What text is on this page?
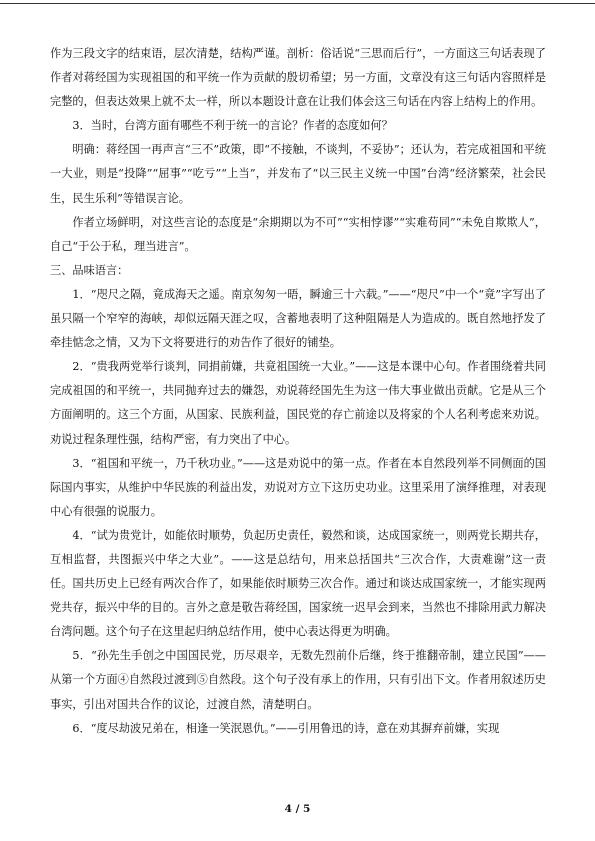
作为三段文字的结束语，层次清楚，结构严谨。剖析：俗话说“三思而后行”，一方面这三句话表现了作者对蒋经国为实现祖国的和平统一作为贡献的殷切希望；另一方面，文章没有这三句话内容照样是完整的，但表达效果上就不太一样，所以本题设计意在让我们体会这三句话在内容上结构上的作用。

3．当时，台湾方面有哪些不利于统一的言论？作者的态度如何？

明确：蒋经国一再声言“三不”政策，即“不接触，不谈判，不妥协”；还认为，若完成祖国和平统一大业，则是“投降”“屈事”“吃亏”“上当”，并发布了“以三民主义统一中国”台湾“经济繁荣，社会民生，民生乐利”等错误言论。

作者立场鲜明，对这些言论的态度是“余期期以为不可”“实相悖谬”“实难苟同”“未免自欺欺人”，自己“于公于私，理当进言”。

三、品味语言：

1．“咫尺之隔，竟成海天之遥。南京匆匆一晤，瞬逾三十六载。”——“咫尺”中一个“竟”字写出了虽只隔一个窄窄的海峡，却似远隔天涯之叹，含蓄地表明了这种阻隔是人为造成的。既自然地抒发了牵挂惦念之情，又为下文将要进行的劝告作了很好的铺垫。

2．“贵我两党举行谈判，同捐前嫌，共竟祖国统一大业。”——这是本课中心句。作者围绕着共同完成祖国的和平统一，共同抛弃过去的嫌怨，劝说蒋经国先生为这一伟大事业做出贡献。它是从三个方面阐明的。这三个方面，从国家、民族利益，国民党的存亡前途以及将家的个人名利考虑来劝说。劝说过程条理性强，结构严密，有力突出了中心。

3．“祖国和平统一，乃千秋功业。”——这是劝说中的第一点。作者在本自然段列举不同侧面的国际国内事实，从维护中华民族的利益出发，劝说对方立下这历史功业。这里采用了演绎推理，对表现中心有很强的说服力。

4．“试为贵党计，如能依时顺势，负起历史责任，毅然和谈，达成国家统一，则两党长期共存，互相监督，共图振兴中华之大业”。——这是总结句，用来总括国共“三次合作，大责难谢”这一责任。国共历史上已经有两次合作了，如果能依时顺势三次合作。通过和谈达成国家统一，才能实现两党共存，振兴中华的目的。言外之意是敬告蒋经国，国家统一迟早会到来，当然也不排除用武力解决台湾问题。这个句子在这里起归纳总结作用，使中心表达得更为明确。

5．“孙先生手创之中国国民党，历尽艰辛，无数先烈前仆后继，终于推翻帝制，建立民国”——从第一个方面④自然段过渡到⑤自然段。这个句子没有承上的作用，只有引出下文。作者用叙述历史事实，引出对国共合作的议论，过渡自然，清楚明白。

6．“度尽劫波兄弟在，相逢一笑泯恩仇。”——引用鲁迅的诗，意在劝其摒弃前嫌，实现

4 / 5
